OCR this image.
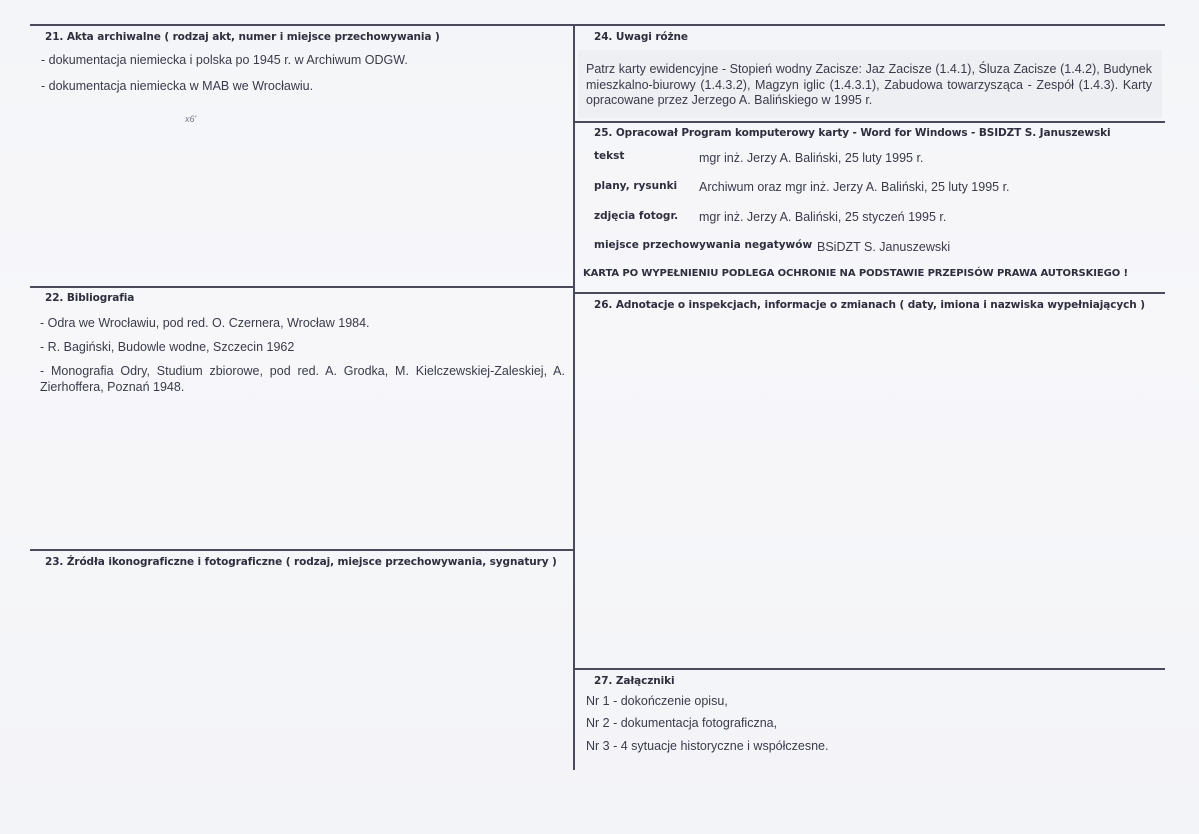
21. Akta archiwalne ( rodzaj akt, numer i miejsce przechowywania )
- dokumentacja niemiecka i polska po 1945 r. w Archiwum ODGW.
- dokumentacja niemiecka w MAB we Wrocławiu.
x6'
22. Bibliografia
- Odra we Wrocławiu, pod red. O. Czernera, Wrocław 1984.
- R. Bagiński, Budowle wodne, Szczecin 1962
- Monografia Odry, Studium zbiorowe, pod red. A. Grodka, M. Kielczewskiej-Zaleskiej, A. Zierhoffera, Poznań 1948.
23. Źródła ikonograficzne i fotograficzne ( rodzaj, miejsce przechowywania, sygnatury )
24. Uwagi różne
Patrz karty ewidencyjne - Stopień wodny Zacisze: Jaz Zacisze (1.4.1), Śluza Zacisze (1.4.2), Budynek mieszkalno-biurowy (1.4.3.2), Magzyn iglic (1.4.3.1), Zabudowa towarzysząca - Zespół (1.4.3). Karty opracowane przez Jerzego A. Balińskiego w 1995 r.
25. Opracował Program komputerowy karty - Word for Windows - BSIDZT S. Januszewski
tekst	mgr inż. Jerzy A. Baliński, 25 luty 1995 r.
plany, rysunki Archiwum oraz mgr inż. Jerzy A. Baliński, 25 luty 1995 r.
zdjęcia fotogr. mgr inż. Jerzy A. Baliński, 25 styczeń 1995 r.
miejsce przechowywania negatywów BSiDZT S. Januszewski
KARTA PO WYPEŁNIENIU PODLEGA OCHRONIE NA PODSTAWIE PRZEPISÓW PRAWA AUTORSKIEGO !
26. Adnotacje o inspekcjach, informacje o zmianach ( daty, imiona i nazwiska wypełniających )
27. Załączniki
Nr 1 - dokończenie opisu,
Nr 2 - dokumentacja fotograficzna,
Nr 3 - 4 sytuacje historyczne i współczesne.
